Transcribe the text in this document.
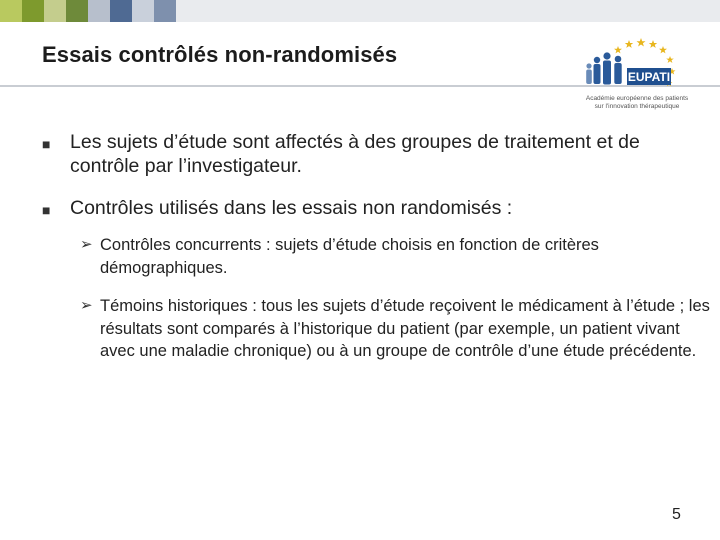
Essais contrôlés non-randomisés
EUPATI
Académie européenne des patients
sur l'innovation thérapeutique
■ Les sujets d’étude sont affectés à des groupes de traitement et de contrôle par l’investigateur.
■ Contrôles utilisés dans les essais non randomisés :
➢ Contrôles concurrents : sujets d’étude choisis en fonction de critères démographiques.
➢ Témoins historiques : tous les sujets d’étude reçoivent le médicament à l’étude ; les résultats sont comparés à l’historique du patient (par exemple, un patient vivant avec une maladie chronique) ou à un groupe de contrôle d’une étude précédente.
5
